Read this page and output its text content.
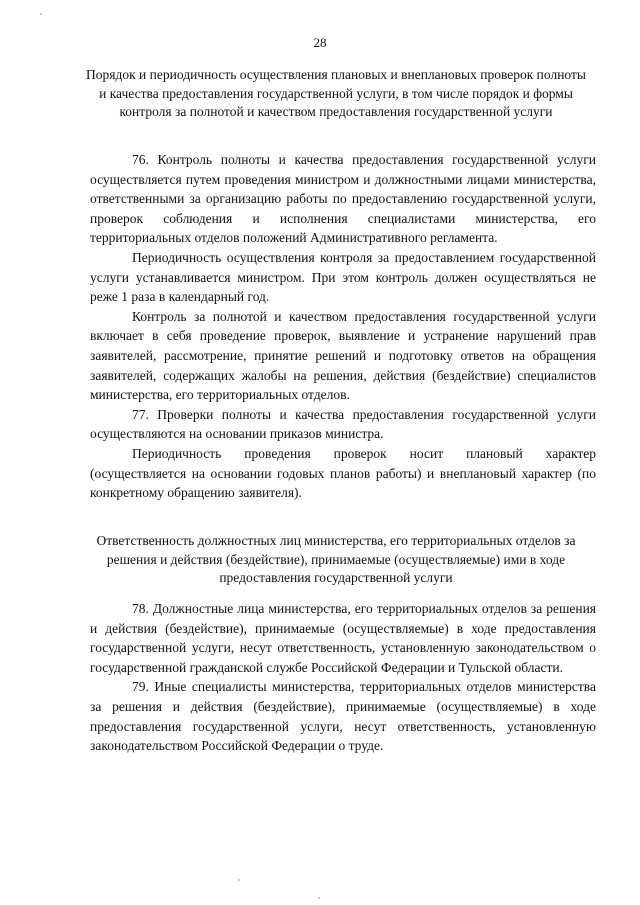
28
Порядок и периодичность осуществления плановых и внеплановых проверок полноты и качества предоставления государственной услуги, в том числе порядок и формы контроля за полнотой и качеством предоставления государственной услуги

76. Контроль полноты и качества предоставления государственной услуги осуществляется путем проведения министром и должностными лицами министерства, ответственными за организацию работы по предоставлению государственной услуги, проверок соблюдения и исполнения специалистами министерства, его территориальных отделов положений Административного регламента.

Периодичность осуществления контроля за предоставлением государственной услуги устанавливается министром. При этом контроль должен осуществляться не реже 1 раза в календарный год.

Контроль за полнотой и качеством предоставления государственной услуги включает в себя проведение проверок, выявление и устранение нарушений прав заявителей, рассмотрение, принятие решений и подготовку ответов на обращения заявителей, содержащих жалобы на решения, действия (бездействие) специалистов министерства, его территориальных отделов.

77. Проверки полноты и качества предоставления государственной услуги осуществляются на основании приказов министра.

Периодичность проведения проверок носит плановый характер (осуществляется на основании годовых планов работы) и внеплановый характер (по конкретному обращению заявителя).

Ответственность должностных лиц министерства, его территориальных отделов за решения и действия (бездействие), принимаемые (осуществляемые) ими в ходе предоставления государственной услуги

78. Должностные лица министерства, его территориальных отделов за решения и действия (бездействие), принимаемые (осуществляемые) в ходе предоставления государственной услуги, несут ответственность, установленную законодательством о государственной гражданской службе Российской Федерации и Тульской области.

79. Иные специалисты министерства, территориальных отделов министерства за решения и действия (бездействие), принимаемые (осуществляемые) в ходе предоставления государственной услуги, несут ответственность, установленную законодательством Российской Федерации о труде.
